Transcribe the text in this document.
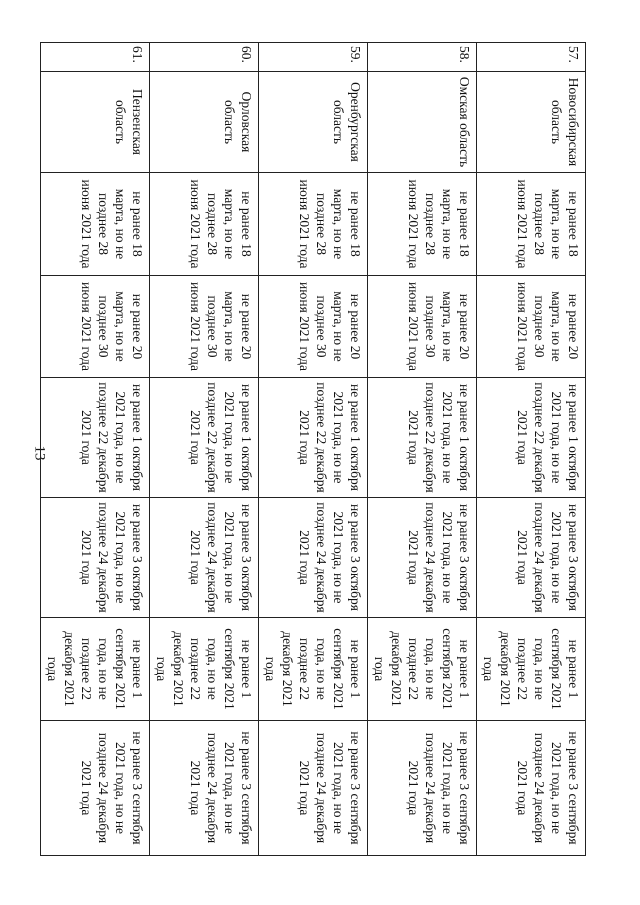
13
57.	Новосибирская область	не ранее 18 марта, но не позднее 28 июня 2021 года	не ранее 20 марта, но не позднее 30 июня 2021 года	не ранее 1 октября 2021 года, но не позднее 22 декабря 2021 года	не ранее 3 октября 2021 года, но не позднее 24 декабря 2021 года	не ранее 1 сентября 2021 года, но не позднее 22 декабря 2021 года	не ранее 3 сентября 2021 года, но не позднее 24 декабря 2021 года
58.	Омская область	не ранее 18 марта, но не позднее 28 июня 2021 года	не ранее 20 марта, но не позднее 30 июня 2021 года	не ранее 1 октября 2021 года, но не позднее 22 декабря 2021 года	не ранее 3 октября 2021 года, но не позднее 24 декабря 2021 года	не ранее 1 сентября 2021 года, но не позднее 22 декабря 2021 года	не ранее 3 сентября 2021 года, но не позднее 24 декабря 2021 года
59.	Оренбургская область	не ранее 18 марта, но не позднее 28 июня 2021 года	не ранее 20 марта, но не позднее 30 июня 2021 года	не ранее 1 октября 2021 года, но не позднее 22 декабря 2021 года	не ранее 3 октября 2021 года, но не позднее 24 декабря 2021 года	не ранее 1 сентября 2021 года, но не позднее 22 декабря 2021 года	не ранее 3 сентября 2021 года, но не позднее 24 декабря 2021 года
60.	Орловская область	не ранее 18 марта, но не позднее 28 июня 2021 года	не ранее 20 марта, но не позднее 30 июня 2021 года	не ранее 1 октября 2021 года, но не позднее 22 декабря 2021 года	не ранее 3 октября 2021 года, но не позднее 24 декабря 2021 года	не ранее 1 сентября 2021 года, но не позднее 22 декабря 2021 года	не ранее 3 сентября 2021 года, но не позднее 24 декабря 2021 года
61.	Пензенская область	не ранее 18 марта, но не позднее 28 июня 2021 года	не ранее 20 марта, но не позднее 30 июня 2021 года	не ранее 1 октября 2021 года, но не позднее 22 декабря 2021 года	не ранее 3 октября 2021 года, но не позднее 24 декабря 2021 года	не ранее 1 сентября 2021 года, но не позднее 22 декабря 2021 года	не ранее 3 сентября 2021 года, но не позднее 24 декабря 2021 года
